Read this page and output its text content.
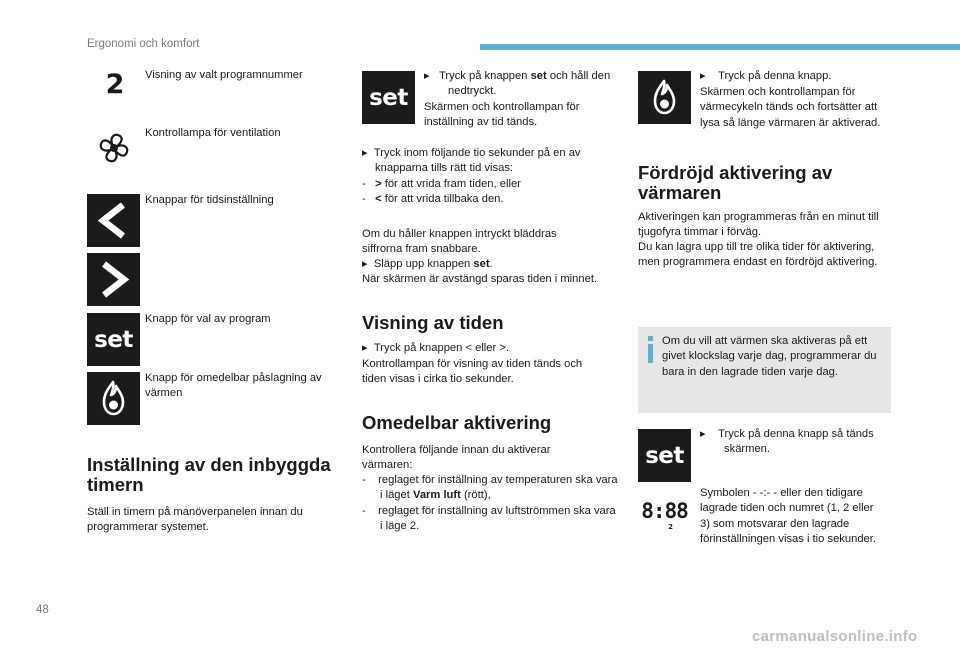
Ergonomi och komfort
2	Visning av valt programnummer
Kontrollampa för ventilation
Knappar för tidsinställning
set
Knapp för val av program
Knapp för omedelbar påslagning av värmen
Inställning av den inbyggda timern
Ställ in timern på manöverpanelen innan du programmerar systemet.
set
▸   Tryck på knappen set och håll den nedtryckt.
Skärmen och kontrollampan för inställning av tid tänds.
▸  Tryck inom följande tio sekunder på en av knapparna tills rätt tid visas:
-   > för att vrida fram tiden, eller
-   < för att vrida tillbaka den.
Om du håller knappen intryckt bläddras siffrorna fram snabbare.
▸  Släpp upp knappen set.
När skärmen är avstängd sparas tiden i minnet.
Visning av tiden
▸  Tryck på knappen < eller >.
Kontrollampan för visning av tiden tänds och tiden visas i cirka tio sekunder.
Omedelbar aktivering
Kontrollera följande innan du aktiverar värmaren:
-    reglaget för inställning av temperaturen ska vara i läget Varm luft (rött),
-    reglaget för inställning av luftströmmen ska vara i läge 2.
▸    Tryck på denna knapp.
Skärmen och kontrollampan för värmecykeln tänds och fortsätter att lysa så länge värmaren är aktiverad.
Fördröjd aktivering av värmaren
Aktiveringen kan programmeras från en minut till tjugofyra timmar i förväg.
Du kan lagra upp till tre olika tider för aktivering, men programmera endast en fördröjd aktivering.
Om du vill att värmen ska aktiveras på ett givet klockslag varje dag, programmerar du bara in den lagrade tiden varje dag.
set
▸    Tryck på denna knapp så tänds skärmen.
8:88
2
Symbolen - -:- - eller den tidigare lagrade tiden och numret (1, 2 eller 3) som motsvarar den lagrade förinställningen visas i tio sekunder.
48
carmanualsonline.info
